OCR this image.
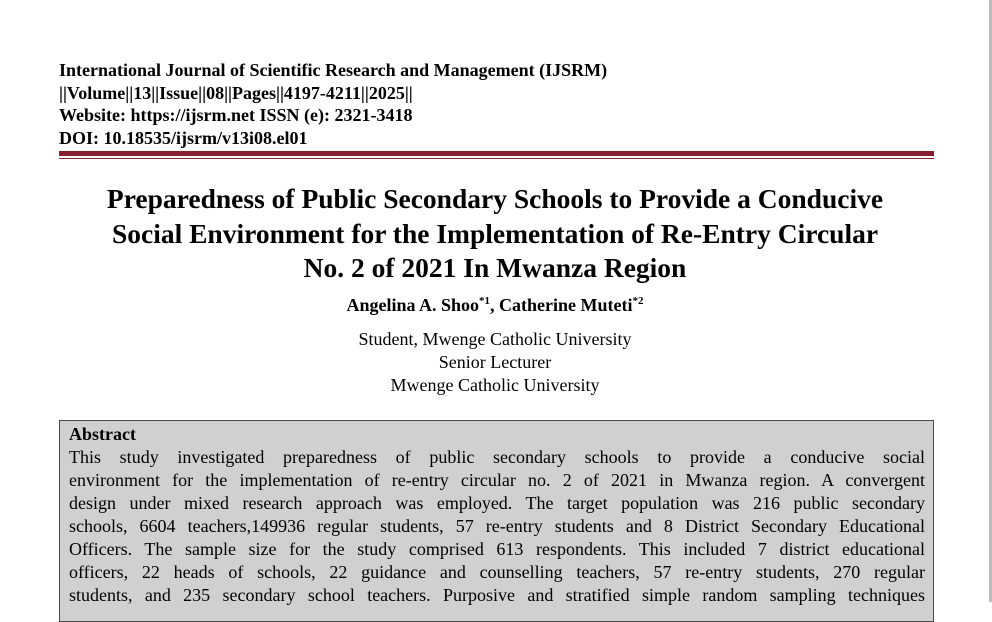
International Journal of Scientific Research and Management (IJSRM)
||Volume||13||Issue||08||Pages||4197-4211||2025||
Website: https://ijsrm.net ISSN (e): 2321-3418
DOI: 10.18535/ijsrm/v13i08.el01
Preparedness of Public Secondary Schools to Provide a Conducive
Social Environment for the Implementation of Re-Entry Circular
No. 2 of 2021 In Mwanza Region
Angelina A. Shoo$^{*1}$, Catherine Muteti$^{*2}$
Student, Mwenge Catholic University
Senior Lecturer
Mwenge Catholic University
Abstract
This study investigated preparedness of public secondary schools to provide a conducive social
environment for the implementation of re-entry circular no. 2 of 2021 in Mwanza region. A convergent
design under mixed research approach was employed. The target population was 216 public secondary
schools, 6604 teachers,149936 regular students, 57 re-entry students and 8 District Secondary Educational
Officers. The sample size for the study comprised 613 respondents. This included 7 district educational
officers, 22 heads of schools, 22 guidance and counselling teachers, 57 re-entry students, 270 regular
students, and 235 secondary school teachers. Purposive and stratified simple random sampling techniques
